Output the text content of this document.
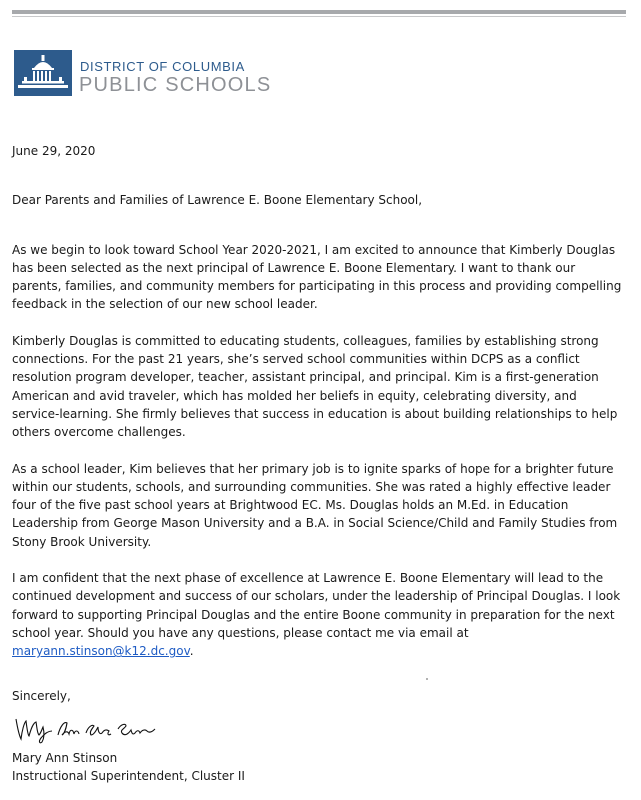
DISTRICT OF COLUMBIA
PUBLIC SCHOOLS

June 29, 2020

Dear Parents and Families of Lawrence E. Boone Elementary School,

As we begin to look toward School Year 2020-2021, I am excited to announce that Kimberly Douglas has been selected as the next principal of Lawrence E. Boone Elementary. I want to thank our parents, families, and community members for participating in this process and providing compelling feedback in the selection of our new school leader.

Kimberly Douglas is committed to educating students, colleagues, families by establishing strong connections. For the past 21 years, she’s served school communities within DCPS as a conflict resolution program developer, teacher, assistant principal, and principal. Kim is a first-generation American and avid traveler, which has molded her beliefs in equity, celebrating diversity, and service-learning. She firmly believes that success in education is about building relationships to help others overcome challenges.

As a school leader, Kim believes that her primary job is to ignite sparks of hope for a brighter future within our students, schools, and surrounding communities. She was rated a highly effective leader four of the five past school years at Brightwood EC. Ms. Douglas holds an M.Ed. in Education Leadership from George Mason University and a B.A. in Social Science/Child and Family Studies from Stony Brook University.

I am confident that the next phase of excellence at Lawrence E. Boone Elementary will lead to the continued development and success of our scholars, under the leadership of Principal Douglas. I look forward to supporting Principal Douglas and the entire Boone community in preparation for the next school year. Should you have any questions, please contact me via email at maryann.stinson@k12.dc.gov.

Sincerely,

Mary Ann Stinson

Mary Ann Stinson

Instructional Superintendent, Cluster II
